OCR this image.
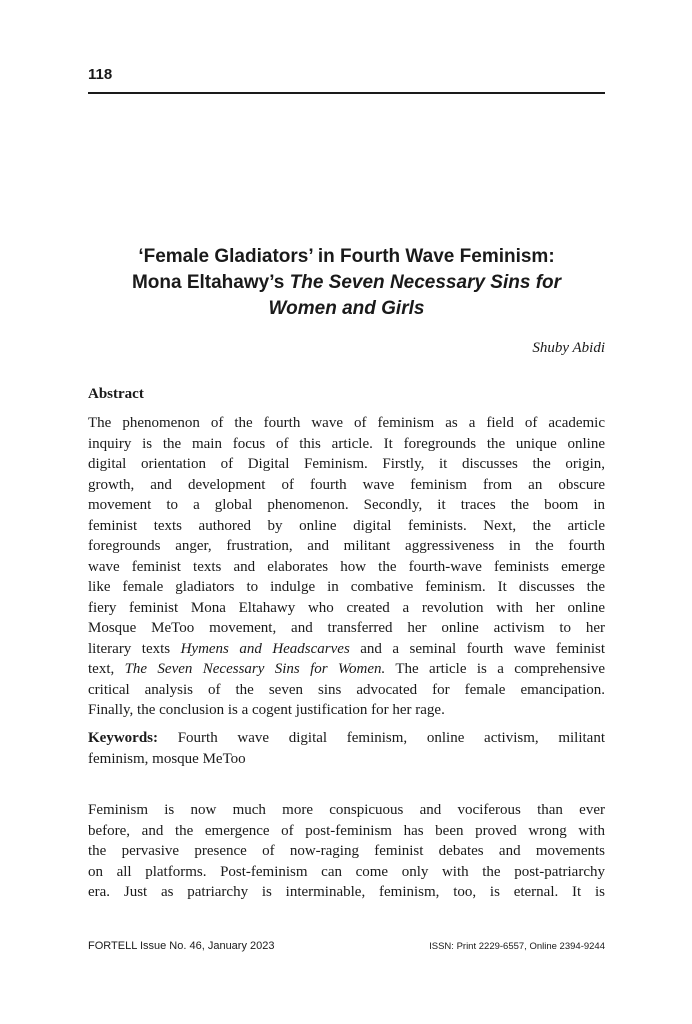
118

‘Female Gladiators’ in Fourth Wave Feminism:
Mona Eltahawy’s The Seven Necessary Sins for
Women and Girls

Shuby Abidi

Abstract
The phenomenon of the fourth wave of feminism as a field of academic
inquiry is the main focus of this article. It foregrounds the unique online
digital orientation of Digital Feminism. Firstly, it discusses the origin,
growth, and development of fourth wave feminism from an obscure
movement to a global phenomenon. Secondly, it traces the boom in
feminist texts authored by online digital feminists. Next, the article
foregrounds anger, frustration, and militant aggressiveness in the fourth
wave feminist texts and elaborates how the fourth-wave feminists emerge
like female gladiators to indulge in combative feminism. It discusses the
fiery feminist Mona Eltahawy who created a revolution with her online
Mosque MeToo movement, and transferred her online activism to her
literary texts Hymens and Headscarves and a seminal fourth wave feminist
text, The Seven Necessary Sins for Women. The article is a comprehensive
critical analysis of the seven sins advocated for female emancipation.
Finally, the conclusion is a cogent justification for her rage.
Keywords: Fourth wave digital feminism, online activism, militant
feminism, mosque MeToo
Feminism is now much more conspicuous and vociferous than ever
before, and the emergence of post-feminism has been proved wrong with
the pervasive presence of now-raging feminist debates and movements
on all platforms. Post-feminism can come only with the post-patriarchy
era. Just as patriarchy is interminable, feminism, too, is eternal. It is

FORTELL Issue No. 46, January 2023	ISSN: Print 2229-6557, Online 2394-9244
